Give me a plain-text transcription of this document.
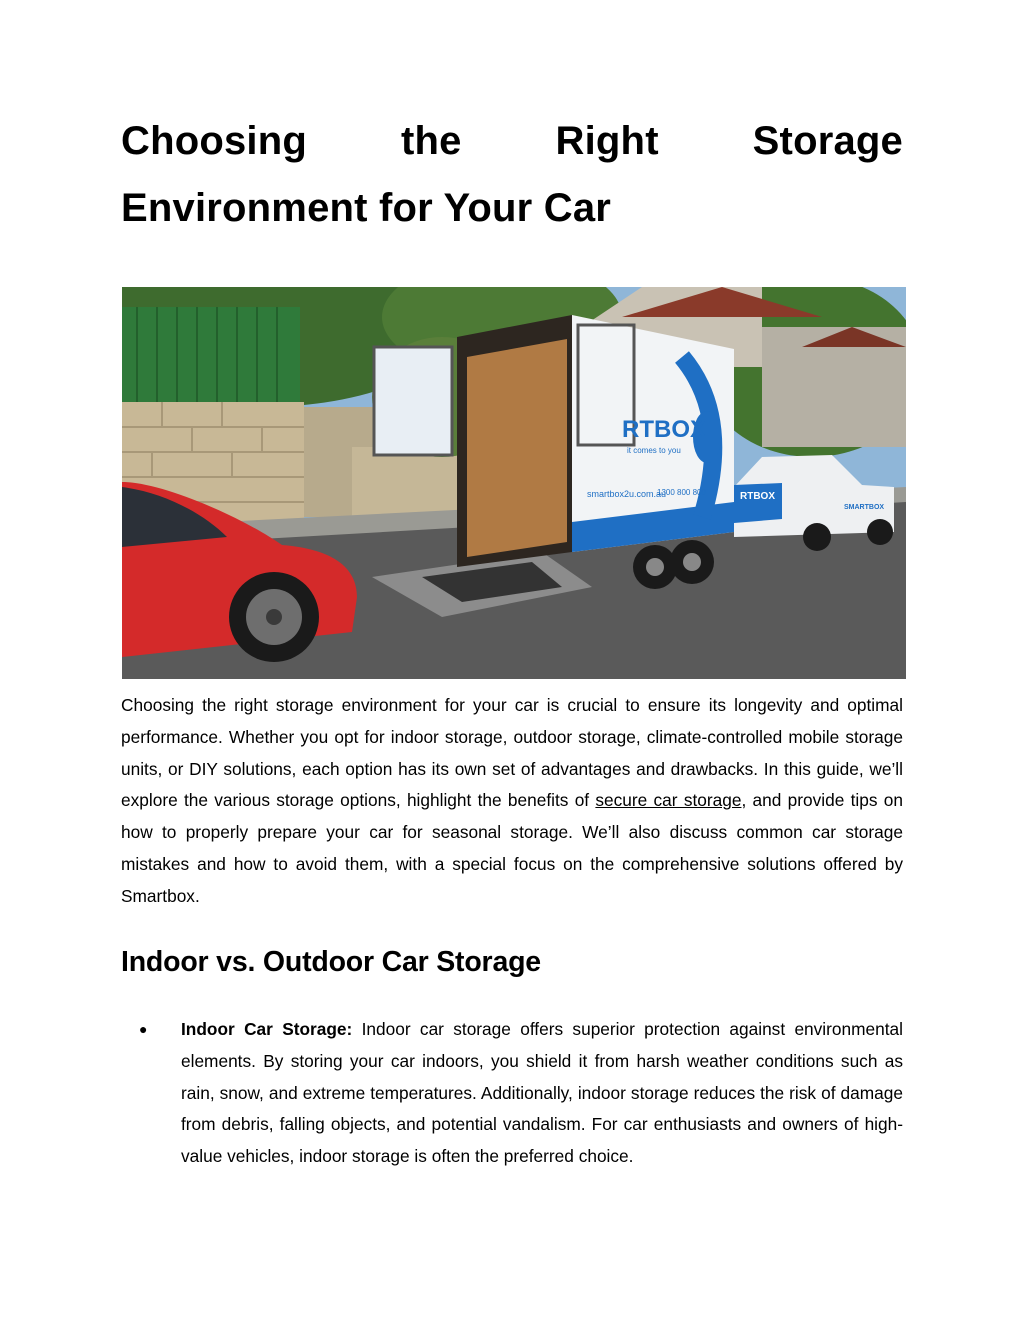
Choosing the Right Storage Environment for Your Car
RTBOX
it comes to you
smartbox2u.com.au
1300 800 800	RTBOX
SMARTBOX

Choosing the right storage environment for your car is crucial to ensure its longevity and optimal performance. Whether you opt for indoor storage, outdoor storage, climate-controlled mobile storage units, or DIY solutions, each option has its own set of advantages and drawbacks. In this guide, we’ll explore the various storage options, highlight the benefits of secure car storage, and provide tips on how to properly prepare your car for seasonal storage. We’ll also discuss common car storage mistakes and how to avoid them, with a special focus on the comprehensive solutions offered by Smartbox.

Indoor vs. Outdoor Car Storage
● Indoor Car Storage: Indoor car storage offers superior protection against environmental elements. By storing your car indoors, you shield it from harsh weather conditions such as rain, snow, and extreme temperatures. Additionally, indoor storage reduces the risk of damage from debris, falling objects, and potential vandalism. For car enthusiasts and owners of high-value vehicles, indoor storage is often the preferred choice.
